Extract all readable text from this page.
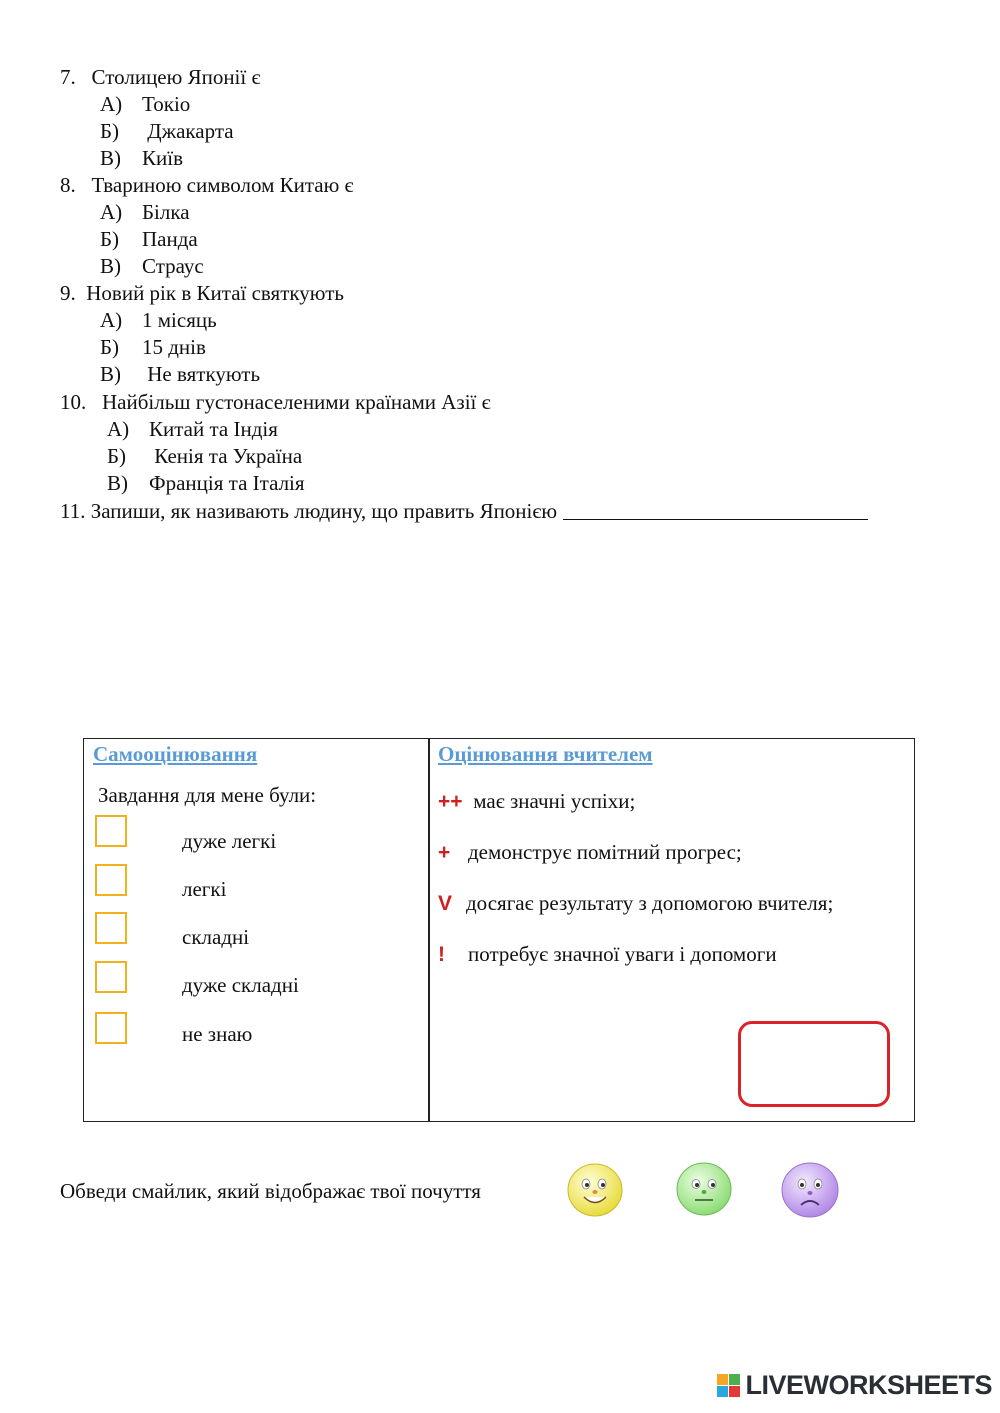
7. Столицею Японії є
А) Токіо
Б) Джакарта
В) Київ
8. Твариною символом Китаю є
А) Білка
Б) Панда
В) Страус
9. Новий рік в Китаї святкують
А) 1 місяць
Б) 15 днів
В) Не вяткують
10. Найбільш густонаселеними країнами Азії є
А) Китай та Індія
Б) Кенія та Україна
В) Франція та Італія
11. Запиши, як називають людину, що править Японією
Самооцінювання
Завдання для мене були:
дуже легкі
легкі
складні
дуже складні
не знаю
Оцінювання вчителем
++ має значні успіхи;
+ демонструє помітний прогрес;
V досягає результату з допомогою вчителя;
! потребує значної уваги і допомоги
Обведи смайлик, який відображає твої почуття
LIVEWORKSHEETS
